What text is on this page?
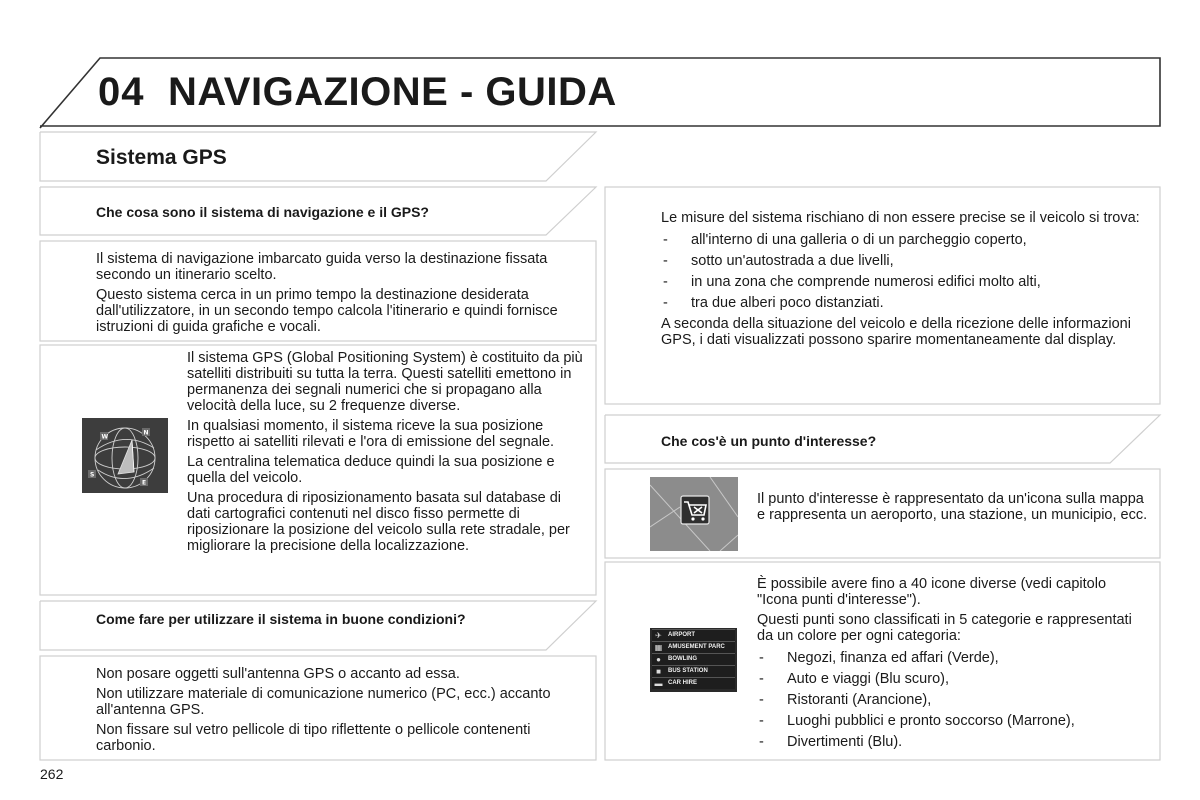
04 NAVIGAZIONE - GUIDA
Sistema GPS
Che cosa sono il sistema di navigazione e il GPS?

Il sistema di navigazione imbarcato guida verso la destinazione fissata secondo un itinerario scelto.

Questo sistema cerca in un primo tempo la destinazione desiderata dall'utilizzatore, in un secondo tempo calcola l'itinerario e quindi fornisce istruzioni di guida grafiche e vocali.

W
N
S
E

Il sistema GPS (Global Positioning System) è costituito da più satelliti distribuiti su tutta la terra. Questi satelliti emettono in permanenza dei segnali numerici che si propagano alla velocità della luce, su 2 frequenze diverse.

In qualsiasi momento, il sistema riceve la sua posizione rispetto ai satelliti rilevati e l'ora di emissione del segnale.

La centralina telematica deduce quindi la sua posizione e quella del veicolo.

Una procedura di riposizionamento basata sul database di dati cartografici contenuti nel disco fisso permette di riposizionare la posizione del veicolo sulla rete stradale, per migliorare la precisione della localizzazione.

Come fare per utilizzare il sistema in buone condizioni?

Non posare oggetti sull'antenna GPS o accanto ad essa.

Non utilizzare materiale di comunicazione numerico (PC, ecc.) accanto all'antenna GPS.

Non fissare sul vetro pellicole di tipo riflettente o pellicole contenenti carbonio.

Le misure del sistema rischiano di non essere precise se il veicolo si trova:

- all'interno di una galleria o di un parcheggio coperto,
- sotto un'autostrada a due livelli,
- in una zona che comprende numerosi edifici molto alti,
- tra due alberi poco distanziati.

A seconda della situazione del veicolo e della ricezione delle informazioni GPS, i dati visualizzati possono sparire momentaneamente dal display.

Che cos'è un punto d'interesse?
Il punto d'interesse è rappresentato da un'icona sulla mappa e rappresenta un aeroporto, una stazione, un municipio, ecc.
✈ AIRPORT
▦ AMUSEMENT PARC
●	BOWLING
■	BUS STATION
▬ CAR HIRE

È possibile avere fino a 40 icone diverse (vedi capitolo "Icona punti d'interesse").

Questi punti sono classificati in 5 categorie e rappresentati da un colore per ogni categoria:

- Negozi, finanza ed affari (Verde),
- Auto e viaggi (Blu scuro),
- Ristoranti (Arancione),
- Luoghi pubblici e pronto soccorso (Marrone),
- Divertimenti (Blu).
262
